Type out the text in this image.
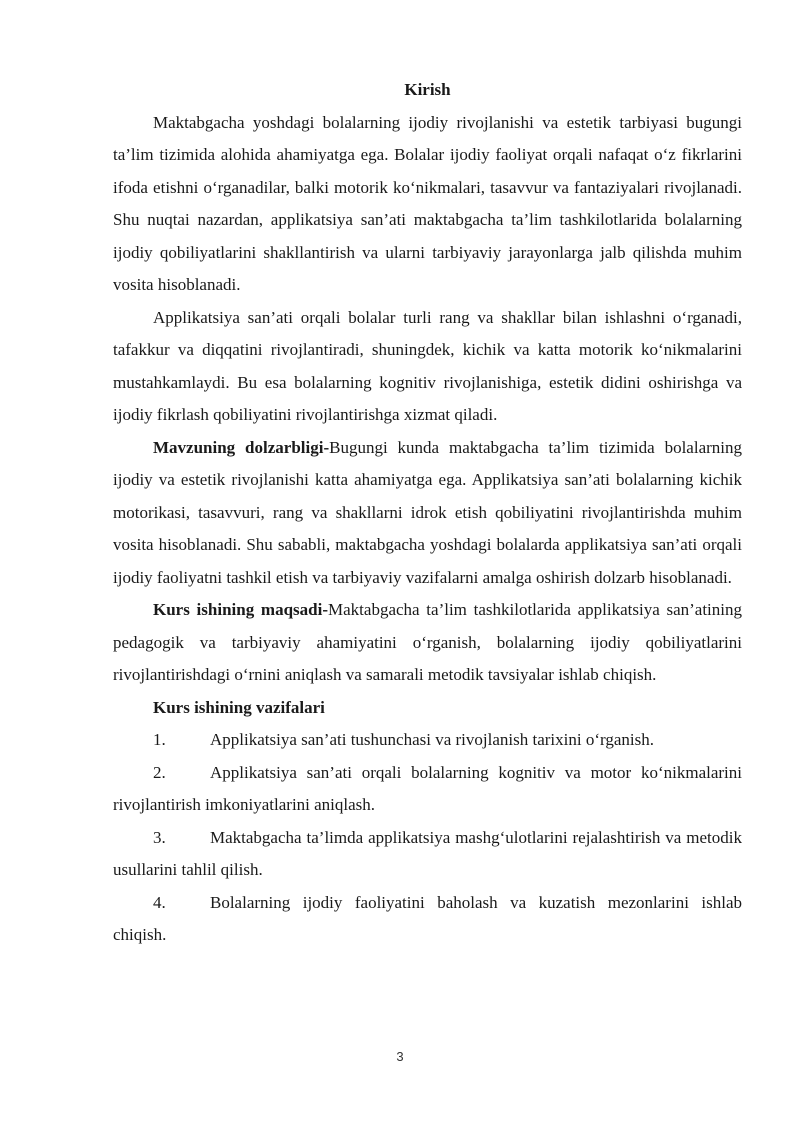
Kirish

Maktabgacha yoshdagi bolalarning ijodiy rivojlanishi va estetik tarbiyasi bugungi ta’lim tizimida alohida ahamiyatga ega. Bolalar ijodiy faoliyat orqali nafaqat o‘z fikrlarini ifoda etishni o‘rganadilar, balki motorik ko‘nikmalari, tasavvur va fantaziyalari rivojlanadi. Shu nuqtai nazardan, applikatsiya san’ati maktabgacha ta’lim tashkilotlarida bolalarning ijodiy qobiliyatlarini shakllantirish va ularni tarbiyaviy jarayonlarga jalb qilishda muhim vosita hisoblanadi.

Applikatsiya san’ati orqali bolalar turli rang va shakllar bilan ishlashni o‘rganadi, tafakkur va diqqatini rivojlantiradi, shuningdek, kichik va katta motorik ko‘nikmalarini mustahkamlaydi. Bu esa bolalarning kognitiv rivojlanishiga, estetik didini oshirishga va ijodiy fikrlash qobiliyatini rivojlantirishga xizmat qiladi.

Mavzuning dolzarbligi-Bugungi kunda maktabgacha ta’lim tizimida bolalarning ijodiy va estetik rivojlanishi katta ahamiyatga ega. Applikatsiya san’ati bolalarning kichik motorikasi, tasavvuri, rang va shakllarni idrok etish qobiliyatini rivojlantirishda muhim vosita hisoblanadi. Shu sababli, maktabgacha yoshdagi bolalarda applikatsiya san’ati orqali ijodiy faoliyatni tashkil etish va tarbiyaviy vazifalarni amalga oshirish dolzarb hisoblanadi.

Kurs ishining maqsadi-Maktabgacha ta’lim tashkilotlarida applikatsiya san’atining pedagogik va tarbiyaviy ahamiyatini o‘rganish, bolalarning ijodiy qobiliyatlarini rivojlantirishdagi o‘rnini aniqlash va samarali metodik tavsiyalar ishlab chiqish.

Kurs ishining vazifalari
1.	Applikatsiya san’ati tushunchasi va rivojlanish tarixini o‘rganish.
2.	Applikatsiya san’ati orqali bolalarning kognitiv va motor ko‘nikmalarini rivojlantirish imkoniyatlarini aniqlash.
3.	Maktabgacha ta’limda applikatsiya mashg‘ulotlarini rejalashtirish va metodik usullarini tahlil qilish.
4.	Bolalarning ijodiy faoliyatini baholash va kuzatish mezonlarini ishlab chiqish.
3
